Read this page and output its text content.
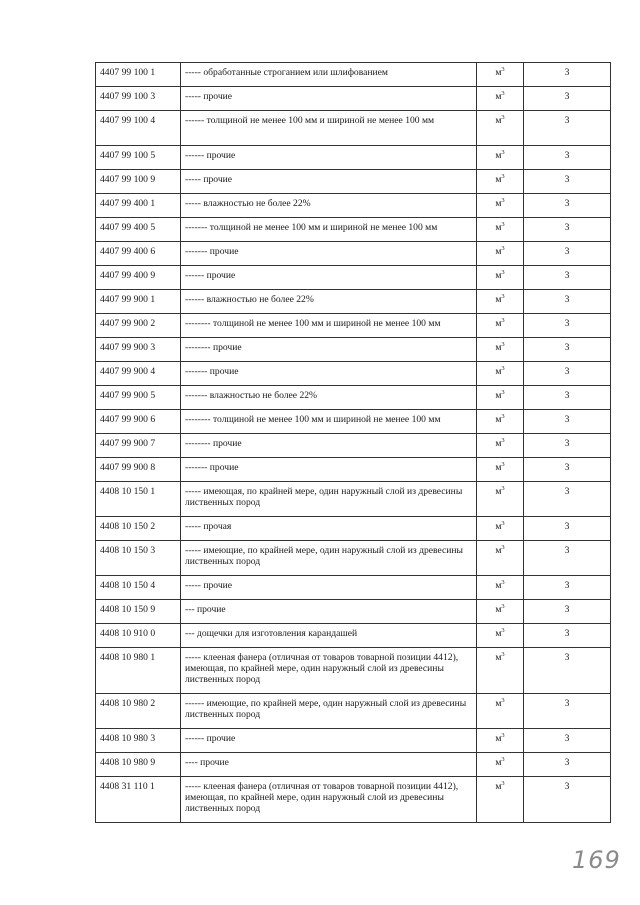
4407 99 100 1	----- обработанные строганием или шлифованием	$м^3$	3
4407 99 100 3	----- прочие	$м^3$	3
4407 99 100 4	------ толщиной не менее 100 мм и шириной не менее 100 мм	$м^3$	3
4407 99 100 5	------ прочие	$м^3$	3
4407 99 100 9	----- прочие	$м^3$	3
4407 99 400 1	----- влажностью не более 22%	$м^3$	3
4407 99 400 5	------- толщиной не менее 100 мм и шириной не менее 100 мм	$м^3$	3
4407 99 400 6	------- прочие	$м^3$	3
4407 99 400 9	------ прочие	$м^3$	3
4407 99 900 1	------ влажностью не более 22%	$м^3$	3
4407 99 900 2	-------- толщиной не менее 100 мм и шириной не менее 100 мм	$м^3$	3
4407 99 900 3	-------- прочие	$м^3$	3
4407 99 900 4	------- прочие	$м^3$	3
4407 99 900 5	------- влажностью не более 22%	$м^3$	3
4407 99 900 6	-------- толщиной не менее 100 мм и шириной не менее 100 мм	$м^3$	3
4407 99 900 7	-------- прочие	$м^3$	3
4407 99 900 8	------- прочие	$м^3$	3
4408 10 150 1	----- имеющая, по крайней мере, один наружный слой из древесины лиственных пород	$м^3$	3
4408 10 150 2	----- прочая	$м^3$	3
4408 10 150 3	----- имеющие, по крайней мере, один наружный слой из древесины лиственных пород	$м^3$	3
4408 10 150 4	----- прочие	$м^3$	3
4408 10 150 9	--- прочие	$м^3$	3
4408 10 910 0	--- дощечки для изготовления карандашей	$м^3$	3
4408 10 980 1	----- клееная фанера (отличная от товаров товарной позиции 4412), имеющая, по крайней мере, один наружный слой из древесины лиственных пород	$м^3$	3
4408 10 980 2	------ имеющие, по крайней мере, один наружный слой из древесины лиственных пород	$м^3$	3
4408 10 980 3	------ прочие	$м^3$	3
4408 10 980 9	---- прочие	$м^3$	3
4408 31 110 1	----- клееная фанера (отличная от товаров товарной позиции 4412), имеющая, по крайней мере, один наружный слой из древесины лиственных пород	$м^3$	3
169
